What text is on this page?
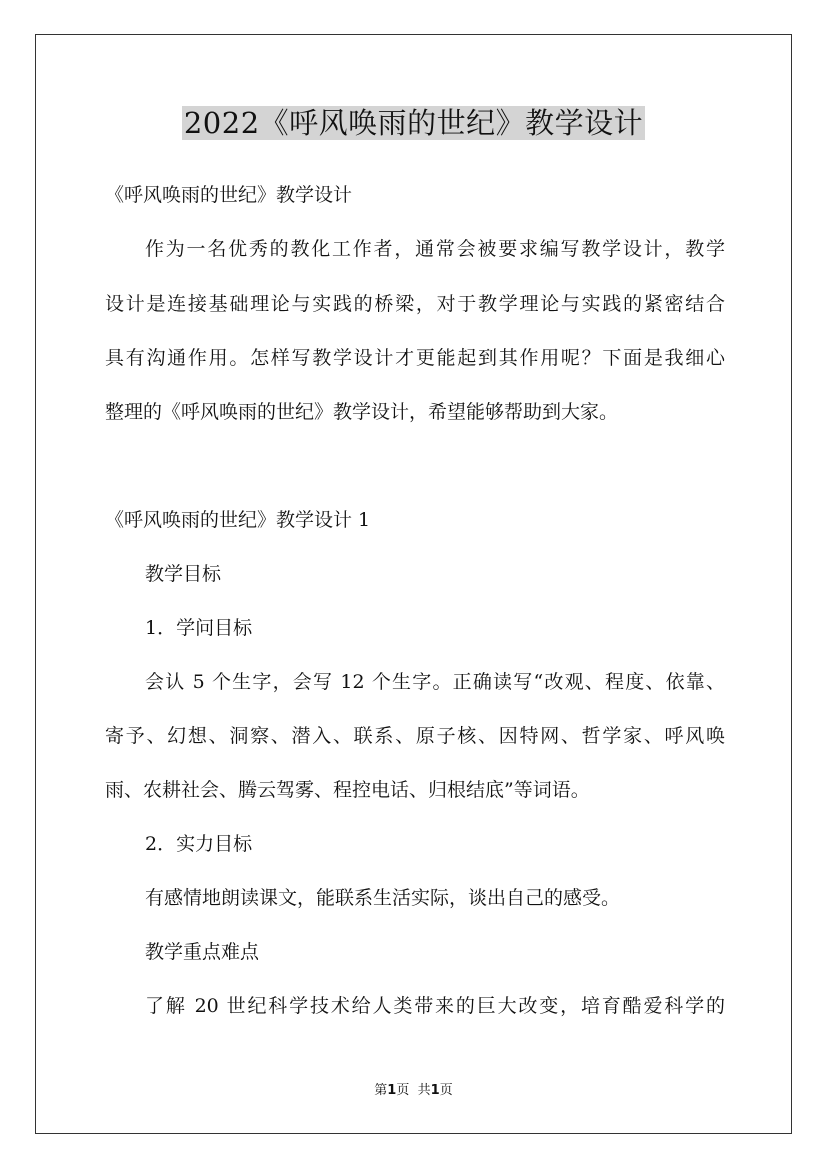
2022《呼风唤雨的世纪》教学设计
《呼风唤雨的世纪》教学设计
作为一名优秀的教化工作者，通常会被要求编写教学设计，教学
设计是连接基础理论与实践的桥梁，对于教学理论与实践的紧密结合
具有沟通作用。怎样写教学设计才更能起到其作用呢？下面是我细心
整理的《呼风唤雨的世纪》教学设计，希望能够帮助到大家。
《呼风唤雨的世纪》教学设计 1
教学目标
1．学问目标
会认 5 个生字，会写 12 个生字。正确读写“改观、程度、依靠、
寄予、幻想、洞察、潜入、联系、原子核、因特网、哲学家、呼风唤
雨、农耕社会、腾云驾雾、程控电话、归根结底”等词语。
2．实力目标
有感情地朗读课文，能联系生活实际，谈出自己的感受。
教学重点难点
了解 20 世纪科学技术给人类带来的巨大改变，培育酷爱科学的
第1页 共1页
